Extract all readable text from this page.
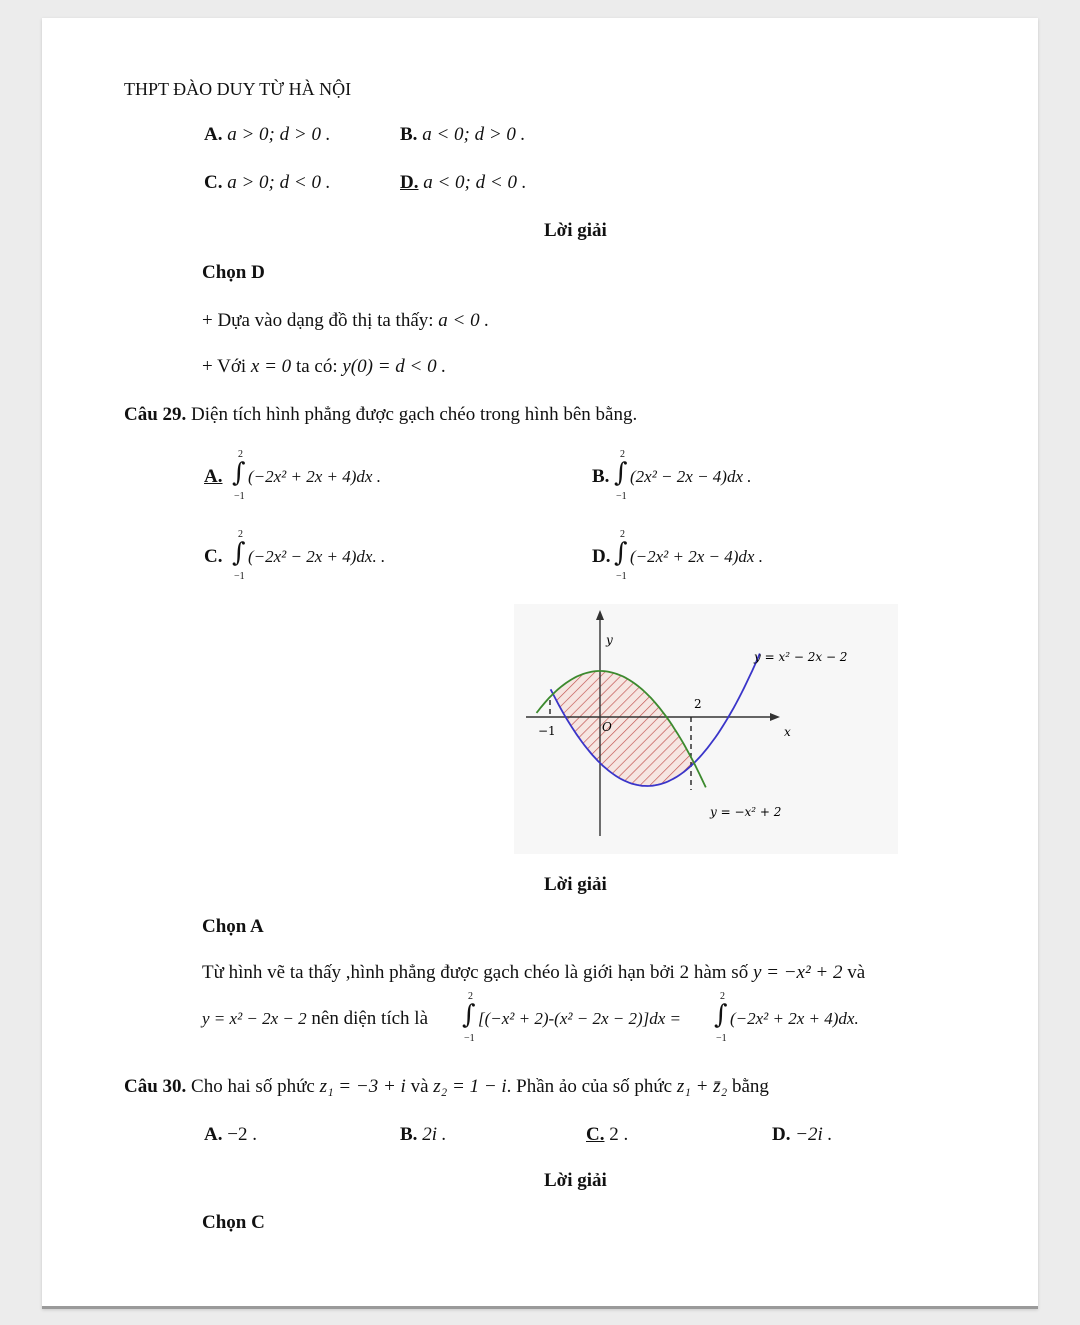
THPT ĐÀO DUY TỪ HÀ NỘI
A. a > 0; d > 0 .	B. a < 0; d > 0 .
C. a > 0; d < 0 .	D. a < 0; d < 0 .
Lời giải
Chọn D
+ Dựa vào dạng đồ thị ta thấy: a < 0 .
+ Với x = 0 ta có: y(0) = d < 0 .
Câu 29. Diện tích hình phẳng được gạch chéo trong hình bên bằng.
A. ∫
2
−1
(−2x² + 2x + 4)dx .	B. ∫
2
−1
(2x² − 2x − 4)dx .
C. ∫
2
−1
(−2x² − 2x + 4)dx. .	D. ∫
2
−1
(−2x² + 2x − 4)dx .
y
x
2
−1	O
y = x² − 2x − 2
y = −x² + 2
Lời giải
Chọn A
Từ hình vẽ ta thấy ,hình phẳng được gạch chéo là giới hạn bởi 2 hàm số y = −x² + 2 và
y = x² − 2x − 2 nên diện tích là ∫
2
−1
[(−x² + 2)-(x² − 2x − 2)]dx = ∫
2
−1
(−2x² + 2x + 4)dx.
Câu 30. Cho hai số phức z₁ = −3 + i và z₂ = 1 − i. Phần ảo của số phức z₁ + z̄₂ bằng
A. −2 .	B. 2i .	C. 2 .	D. −2i .
Lời giải
Chọn C
